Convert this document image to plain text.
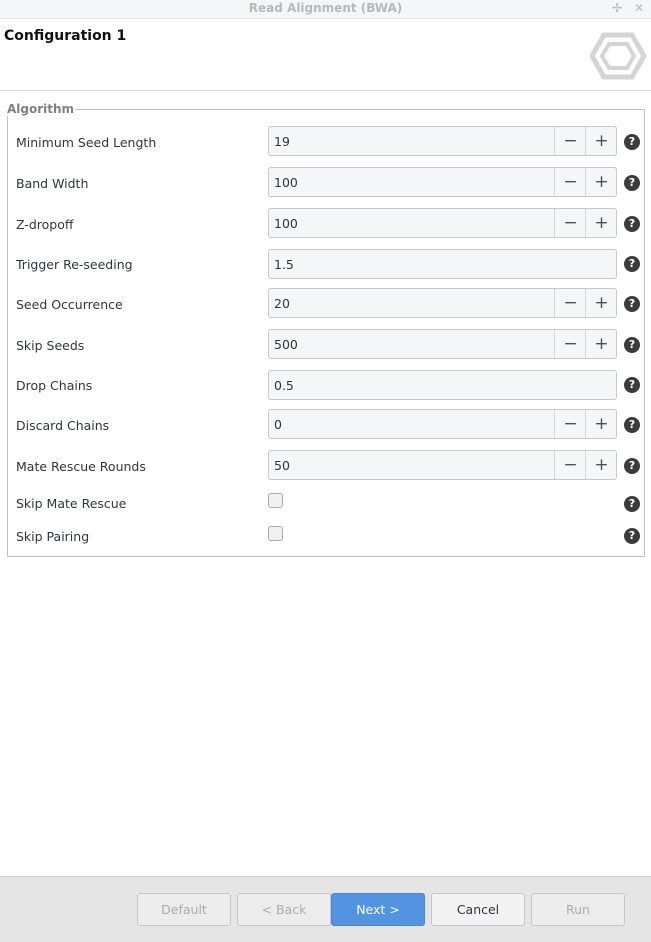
Read Alignment (BWA)	✢ ✕
Configuration 1
Algorithm
Minimum Seed Length	19	− +	?
Band Width	100	− +	?
Z-dropoff	100	− +	?
Trigger Re-seeding	1.5	?
Seed Occurrence	20	− +	?
Skip Seeds	500	− +	?
Drop Chains	0.5	?
Discard Chains	0	− +	?
Mate Rescue Rounds	50	− +	?
Skip Mate Rescue	?
Skip Pairing	?
Default	< Back	Next >	Cancel	Run
